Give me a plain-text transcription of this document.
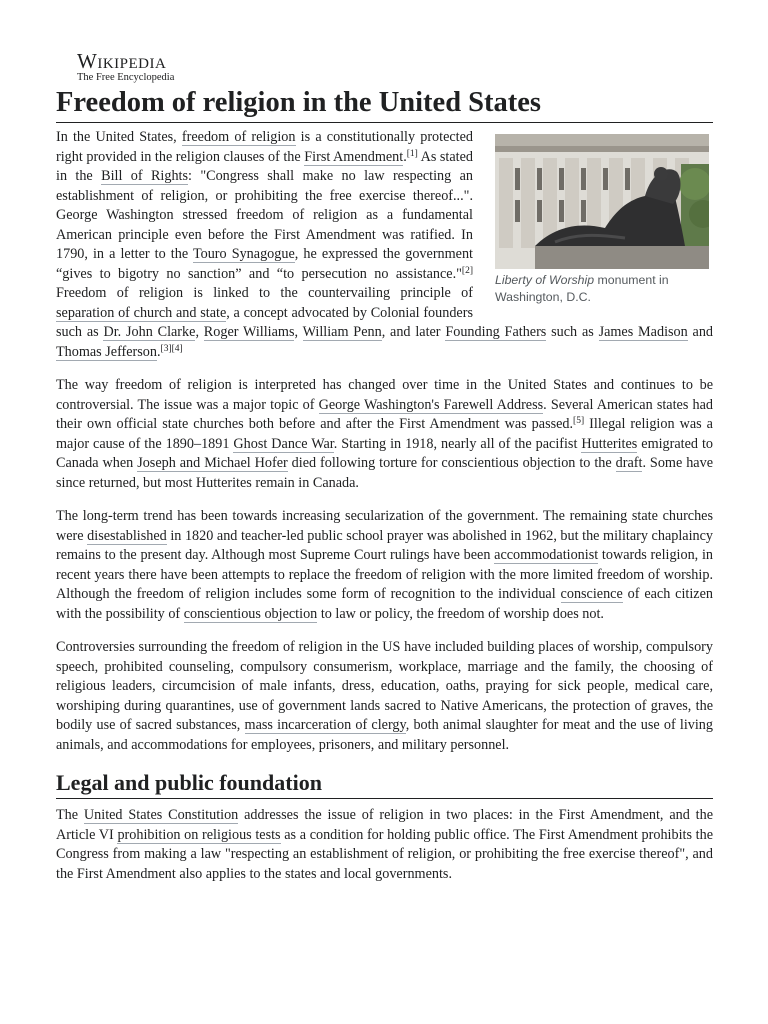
Wikipedia
The Free Encyclopedia
Freedom of religion in the United States
Liberty of Worship monument in Washington, D.C.

In the United States, freedom of religion is a constitutionally protected right provided in the religion clauses of the First Amendment.[1] As stated in the Bill of Rights: "Congress shall make no law respecting an establishment of religion, or prohibiting the free exercise thereof...". George Washington stressed freedom of religion as a fundamental American principle even before the First Amendment was ratified. In 1790, in a letter to the Touro Synagogue, he expressed the government “gives to bigotry no sanction” and “to persecution no assistance."[2] Freedom of religion is linked to the countervailing principle of separation of church and state, a concept advocated by Colonial founders such as Dr. John Clarke, Roger Williams, William Penn, and later Founding Fathers such as James Madison and Thomas Jefferson.[3][4]

The way freedom of religion is interpreted has changed over time in the United States and continues to be controversial. The issue was a major topic of George Washington's Farewell Address. Several American states had their own official state churches both before and after the First Amendment was passed.[5] Illegal religion was a major cause of the 1890–1891 Ghost Dance War. Starting in 1918, nearly all of the pacifist Hutterites emigrated to Canada when Joseph and Michael Hofer died following torture for conscientious objection to the draft. Some have since returned, but most Hutterites remain in Canada.

The long-term trend has been towards increasing secularization of the government. The remaining state churches were disestablished in 1820 and teacher-led public school prayer was abolished in 1962, but the military chaplaincy remains to the present day. Although most Supreme Court rulings have been accommodationist towards religion, in recent years there have been attempts to replace the freedom of religion with the more limited freedom of worship. Although the freedom of religion includes some form of recognition to the individual conscience of each citizen with the possibility of conscientious objection to law or policy, the freedom of worship does not.

Controversies surrounding the freedom of religion in the US have included building places of worship, compulsory speech, prohibited counseling, compulsory consumerism, workplace, marriage and the family, the choosing of religious leaders, circumcision of male infants, dress, education, oaths, praying for sick people, medical care, worshiping during quarantines, use of government lands sacred to Native Americans, the protection of graves, the bodily use of sacred substances, mass incarceration of clergy, both animal slaughter for meat and the use of living animals, and accommodations for employees, prisoners, and military personnel.

Legal and public foundation

The United States Constitution addresses the issue of religion in two places: in the First Amendment, and the Article VI prohibition on religious tests as a condition for holding public office. The First Amendment prohibits the Congress from making a law "respecting an establishment of religion, or prohibiting the free exercise thereof", and the First Amendment also applies to the states and local governments.
